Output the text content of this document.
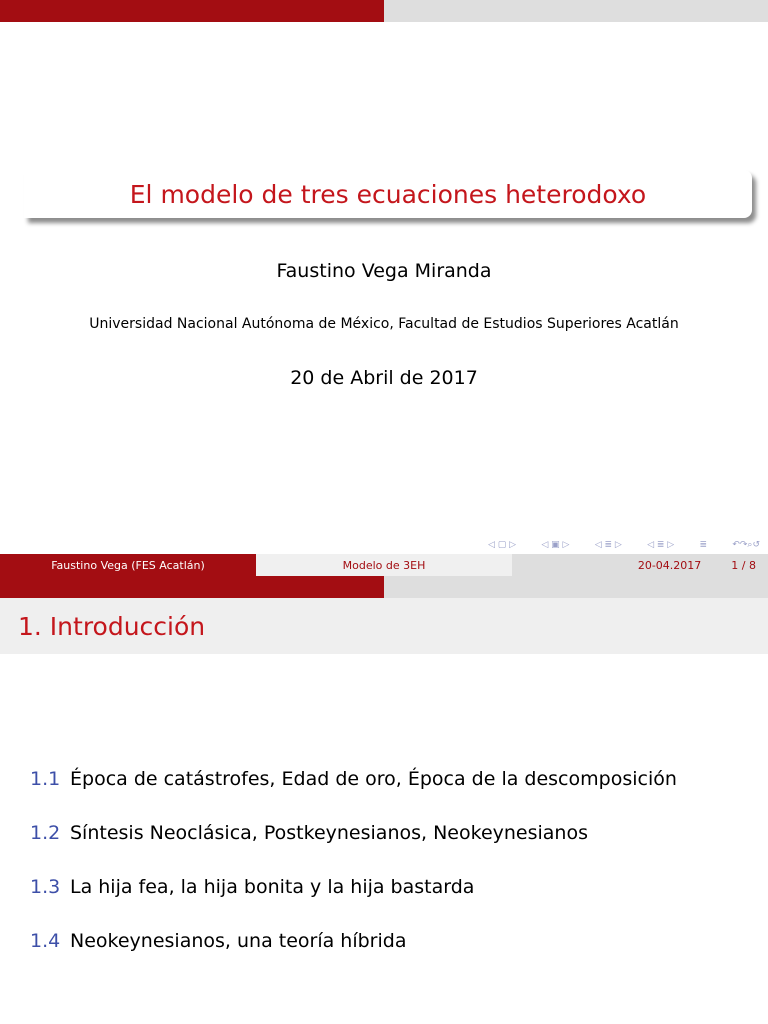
El modelo de tres ecuaciones heterodoxo
Faustino Vega Miranda
Universidad Nacional Autónoma de México, Facultad de Estudios Superiores Acatlán
20 de Abril de 2017
◁ ▢ ▷	◁ ▣ ▷	◁ ≣ ▷	◁ ≣ ▷	≣	↶↷⌕↺
Faustino Vega (FES Acatlán)	Modelo de 3EH	20-04.2017	1 / 8
1. Introducción
1.1 Época de catástrofes, Edad de oro, Época de la descomposición
1.2 Síntesis Neoclásica, Postkeynesianos, Neokeynesianos
1.3 La hija fea, la hija bonita y la hija bastarda
1.4 Neokeynesianos, una teoría híbrida
